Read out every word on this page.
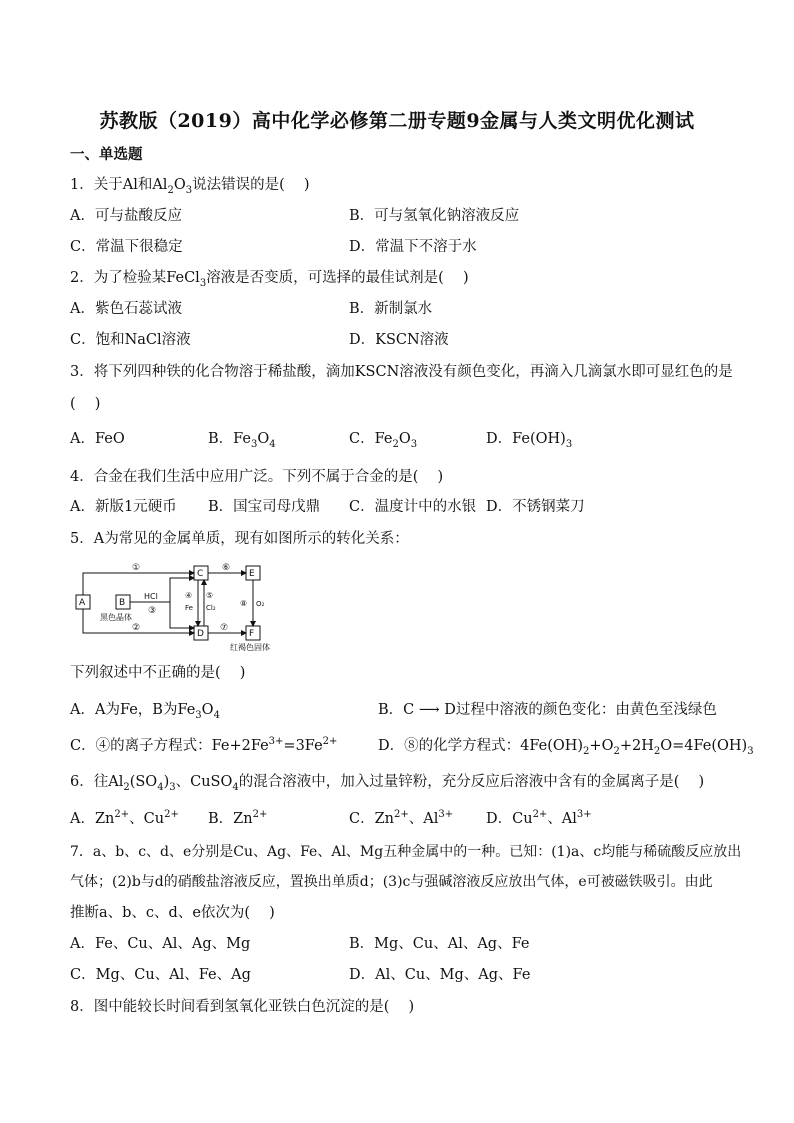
苏教版（2019）高中化学必修第二册专题9金属与人类文明优化测试
一、单选题
1．关于Al和$Al_2O_3$说法错误的是(　 )
A．可与盐酸反应	B．可与氢氧化钠溶液反应
C．常温下很稳定	D．常温下不溶于水
2．为了检验某FeCl$_3$溶液是否变质，可选择的最佳试剂是(　 )
A．紫色石蕊试液	B．新制氯水
C．饱和NaCl溶液	D．KSCN溶液
3．将下列四种铁的化合物溶于稀盐酸，滴加KSCN溶液没有颜色变化，再滴入几滴氯水即可显红色的是
(　 )
A．FeO	B．$Fe_3O_4$	C．$Fe_2O_3$	D．$Fe(OH)_3$
4．合金在我们生活中应用广泛。下列不属于合金的是(　 )
A．新版1元硬币 B．国宝司母戊鼎 C．温度计中的水银 D．不锈钢菜刀
5．A为常见的金属单质，现有如图所示的转化关系：
A	B
C
D
E
F
①
②
③
HCl
黑色晶体
④
Fe
⑤
Cl₂
⑥
⑦
⑧ O₂
红褐色固体
下列叙述中不正确的是(　 )
A．A为Fe，B为$Fe_3O_4$	B．C ⟶ D过程中溶液的颜色变化：由黄色至浅绿色
C．④的离子方程式：$Fe+2Fe^{3+}=3Fe^{2+}$	D．⑧的化学方程式：$4Fe(OH)_2+O_2+2H_2O=4Fe(OH)_3$
6．往$Al_2(SO_4)_3$、CuSO$_4$的混合溶液中，加入过量锌粉，充分反应后溶液中含有的金属离子是(　 )
A．$Zn^{2+}$、$Cu^{2+}$ B．$Zn^{2+}$	C．$Zn^{2+}$、$Al^{3+}$ D．$Cu^{2+}$、$Al^{3+}$
7．a、b、c、d、e分别是Cu、Ag、Fe、Al、Mg五种金属中的一种。已知：(1)a、c均能与稀硫酸反应放出
气体；(2)b与d的硝酸盐溶液反应，置换出单质d；(3)c与强碱溶液反应放出气体，e可被磁铁吸引。由此
推断a、b、c、d、e依次为(　 )
A．Fe、Cu、Al、Ag、Mg	B．Mg、Cu、Al、Ag、Fe
C．Mg、Cu、Al、Fe、Ag	D．Al、Cu、Mg、Ag、Fe
8．图中能较长时间看到氢氧化亚铁白色沉淀的是(　 )
